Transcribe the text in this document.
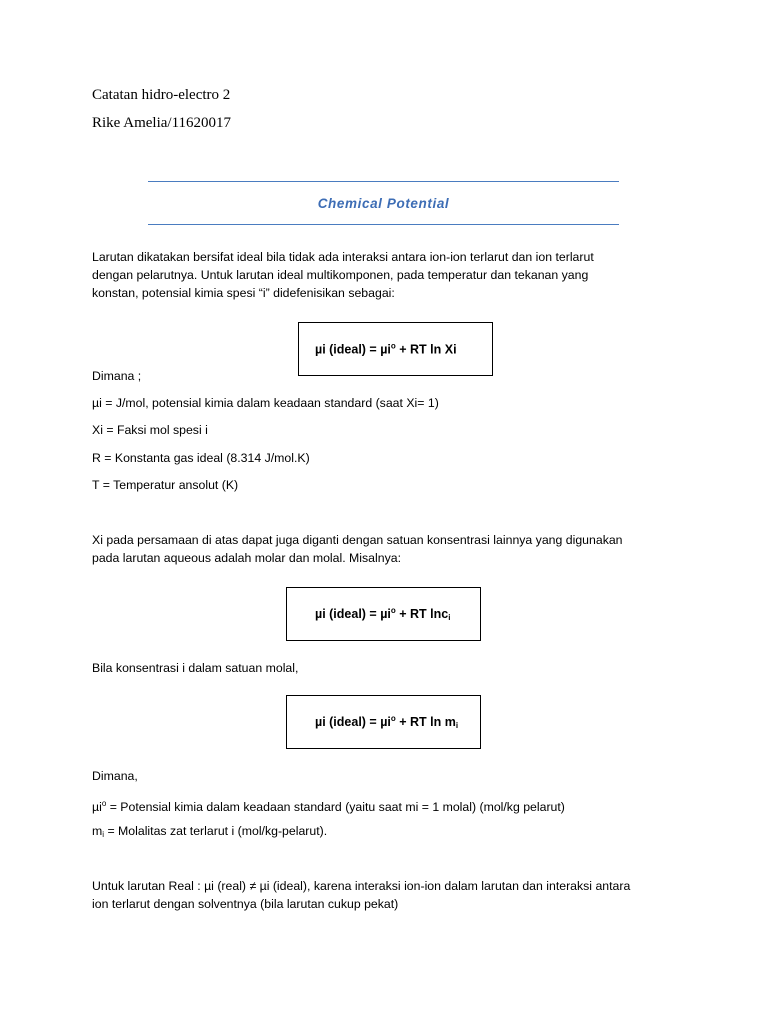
Catatan hidro-electro 2
Rike Amelia/11620017
Chemical Potential
Larutan dikatakan bersifat ideal bila tidak ada interaksi antara ion-ion terlarut dan ion terlarut
dengan pelarutnya. Untuk larutan ideal multikomponen, pada temperatur dan tekanan yang
konstan, potensial kimia spesi “i” didefenisikan sebagai:
µi (ideal) = µi$^o$ + RT ln Xi
Dimana ;
µi = J/mol, potensial kimia dalam keadaan standard (saat Xi= 1)
Xi = Faksi mol spesi i
R = Konstanta gas ideal (8.314 J/mol.K)
T = Temperatur ansolut (K)
Xi pada persamaan di atas dapat juga diganti dengan satuan konsentrasi lainnya yang digunakan
pada larutan aqueous adalah molar dan molal. Misalnya:
µi (ideal) = µi$^o$ + RT lnc$_i$
Bila konsentrasi i dalam satuan molal,
µi (ideal) = µi$^o$ + RT $\ln m_i$
Dimana,
µi$^o$ = Potensial kimia dalam keadaan standard (yaitu saat mi = 1 molal) (mol/kg pelarut)
$m_i$ = Molalitas zat terlarut i (mol/kg-pelarut).
Untuk larutan Real : µi (real) ≠ µi (ideal), karena interaksi ion-ion dalam larutan dan interaksi antara
ion terlarut dengan solventnya (bila larutan cukup pekat)
